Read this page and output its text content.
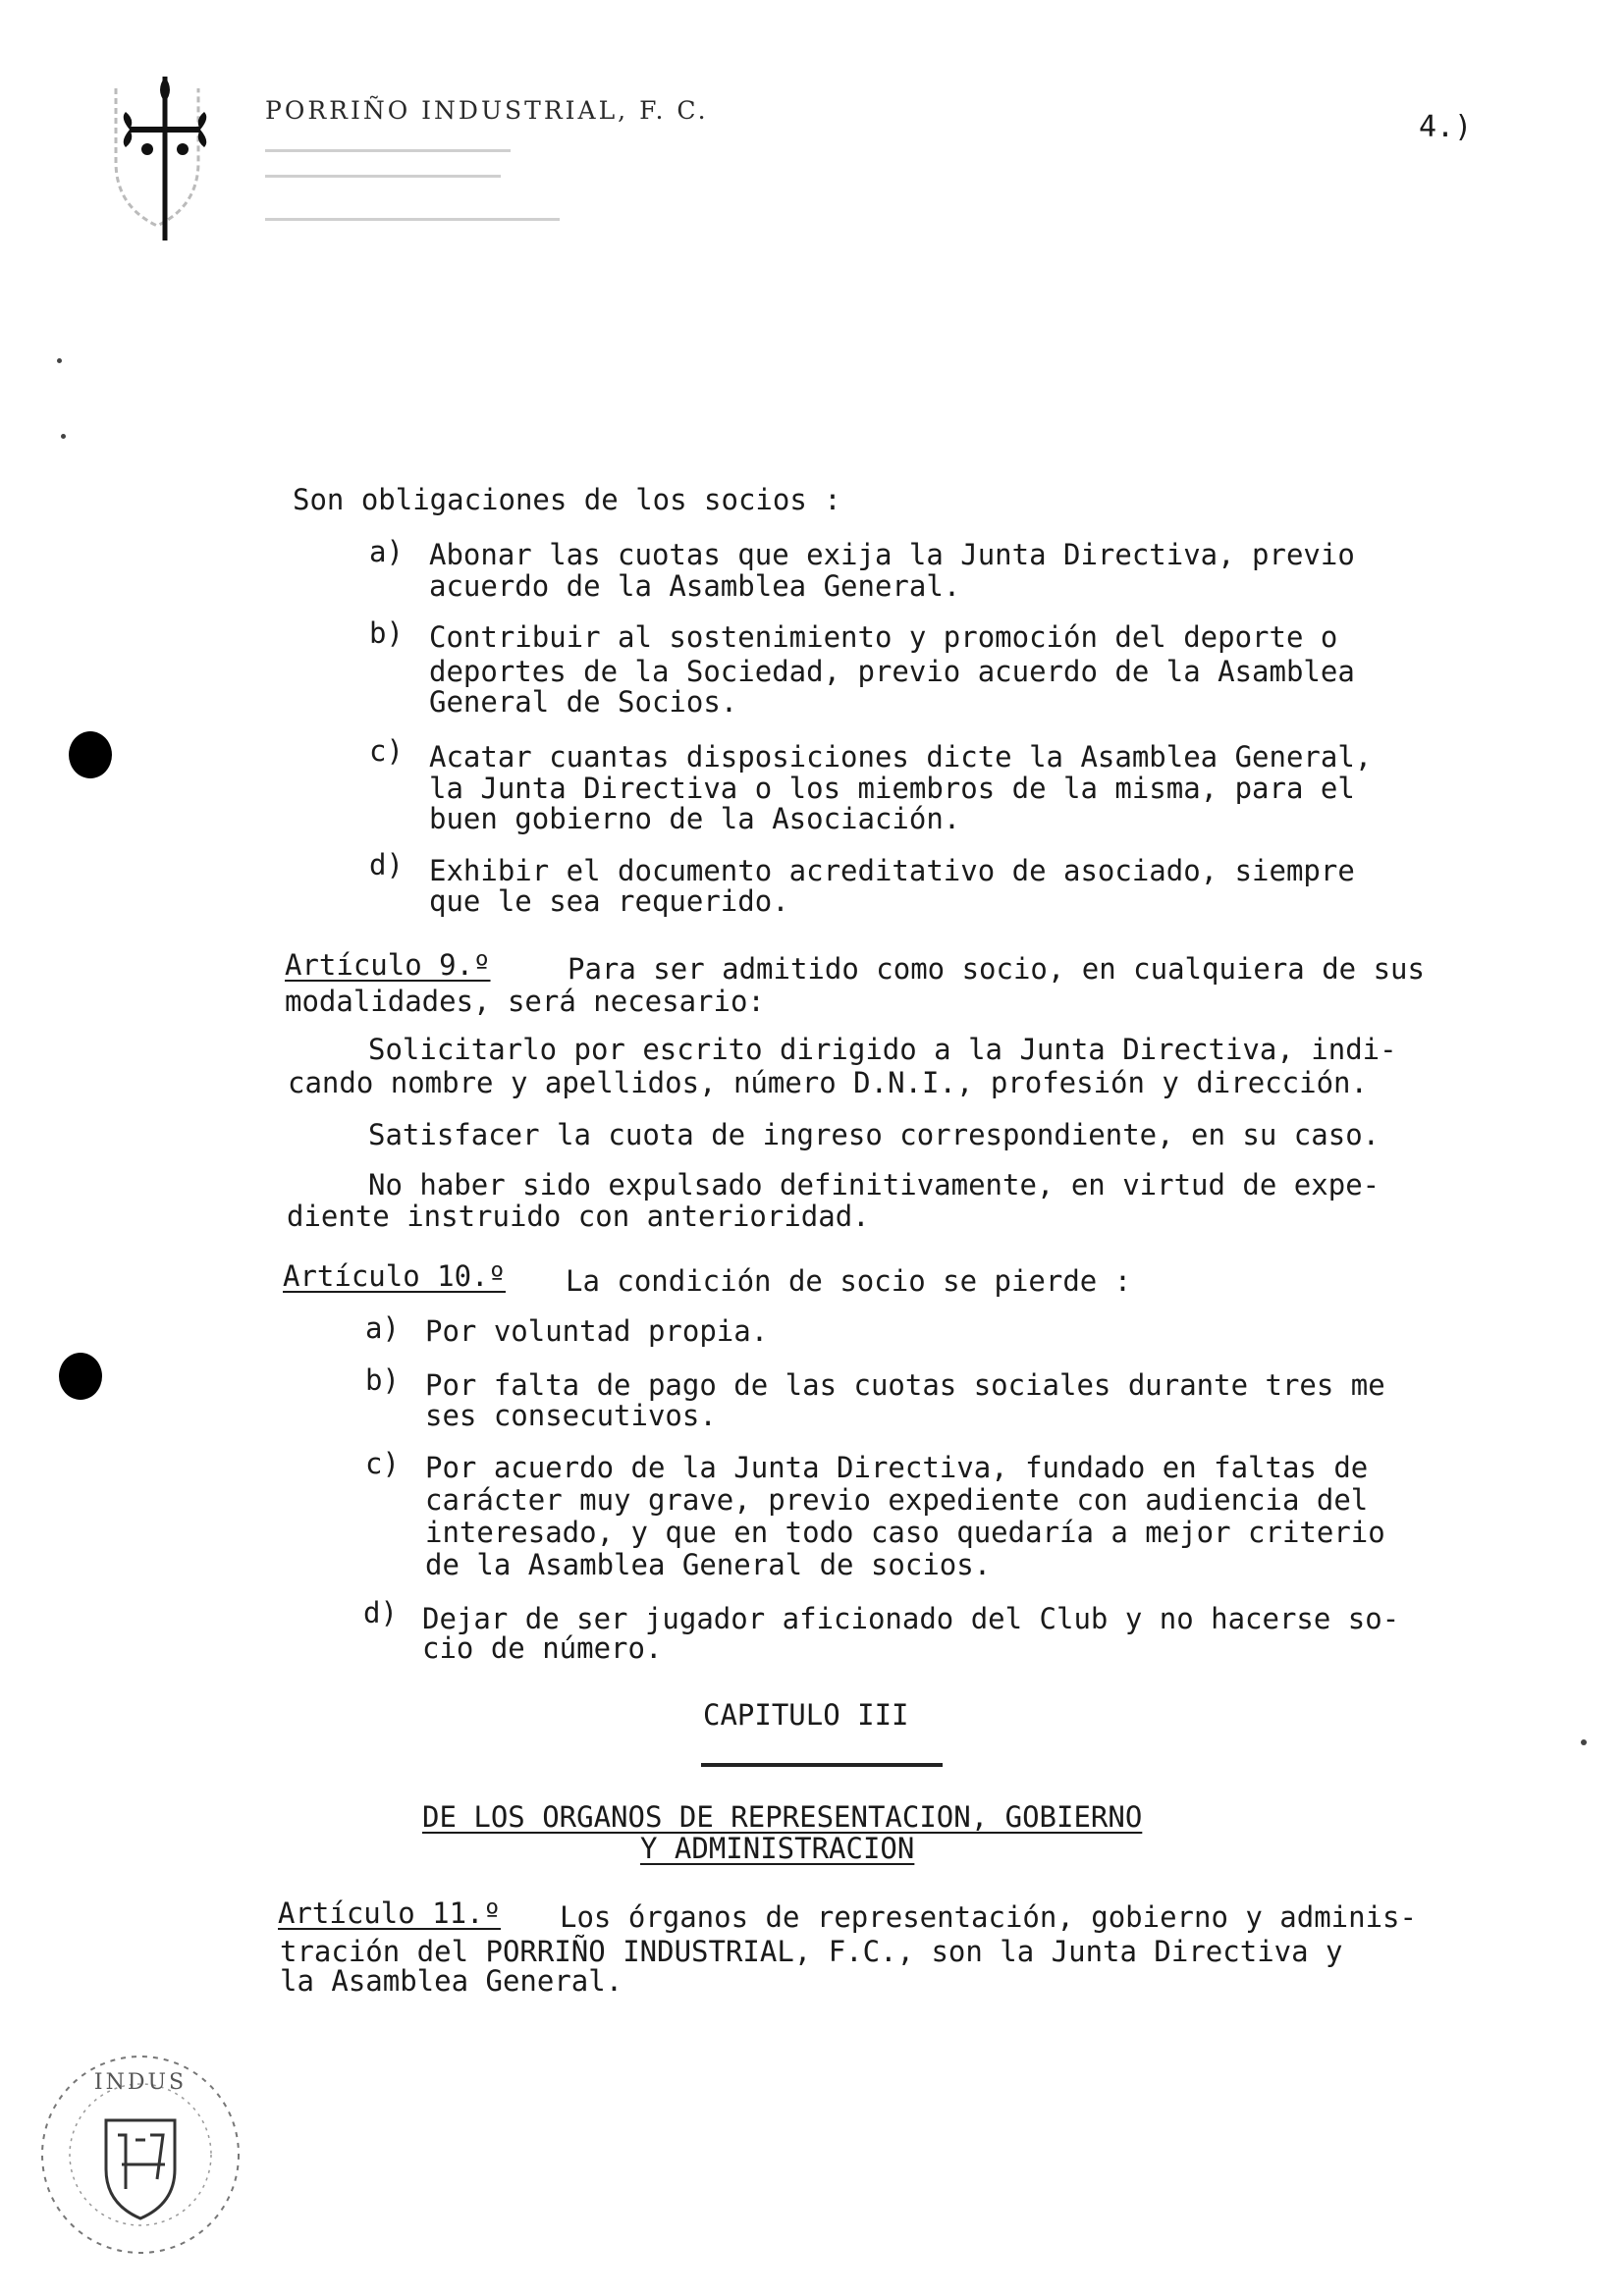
PORRIÑO INDUSTRIAL, F. C.	4.)
Son obligaciones de los socios :
a) Abonar las cuotas que exija la Junta Directiva, previo
acuerdo de la Asamblea General.
b) Contribuir al sostenimiento y promoción del deporte o
deportes de la Sociedad, previo acuerdo de la Asamblea
General de Socios.
c) Acatar cuantas disposiciones dicte la Asamblea General,
la Junta Directiva o los miembros de la misma, para el
buen gobierno de la Asociación.
d) Exhibir el documento acreditativo de asociado, siempre
que le sea requerido.
Artículo 9.º	Para ser admitido como socio, en cualquiera de sus
modalidades, será necesario:
Solicitarlo por escrito dirigido a la Junta Directiva, indi-
cando nombre y apellidos, número D.N.I., profesión y dirección.
Satisfacer la cuota de ingreso correspondiente, en su caso.
No haber sido expulsado definitivamente, en virtud de expe-
diente instruido con anterioridad.
Artículo 10.º La condición de socio se pierde :
a) Por voluntad propia.
b) Por falta de pago de las cuotas sociales durante tres me
ses consecutivos.
c) Por acuerdo de la Junta Directiva, fundado en faltas de
carácter muy grave, previo expediente con audiencia del
interesado, y que en todo caso quedaría a mejor criterio
de la Asamblea General de socios.
d) Dejar de ser jugador aficionado del Club y no hacerse so-
cio de número.
CAPITULO III
DE LOS ORGANOS DE REPRESENTACION, GOBIERNO
Y ADMINISTRACION
Artículo 11.º Los órganos de representación, gobierno y adminis-
tración del PORRIÑO INDUSTRIAL, F.C., son la Junta Directiva y
la Asamblea General.
INDUS
